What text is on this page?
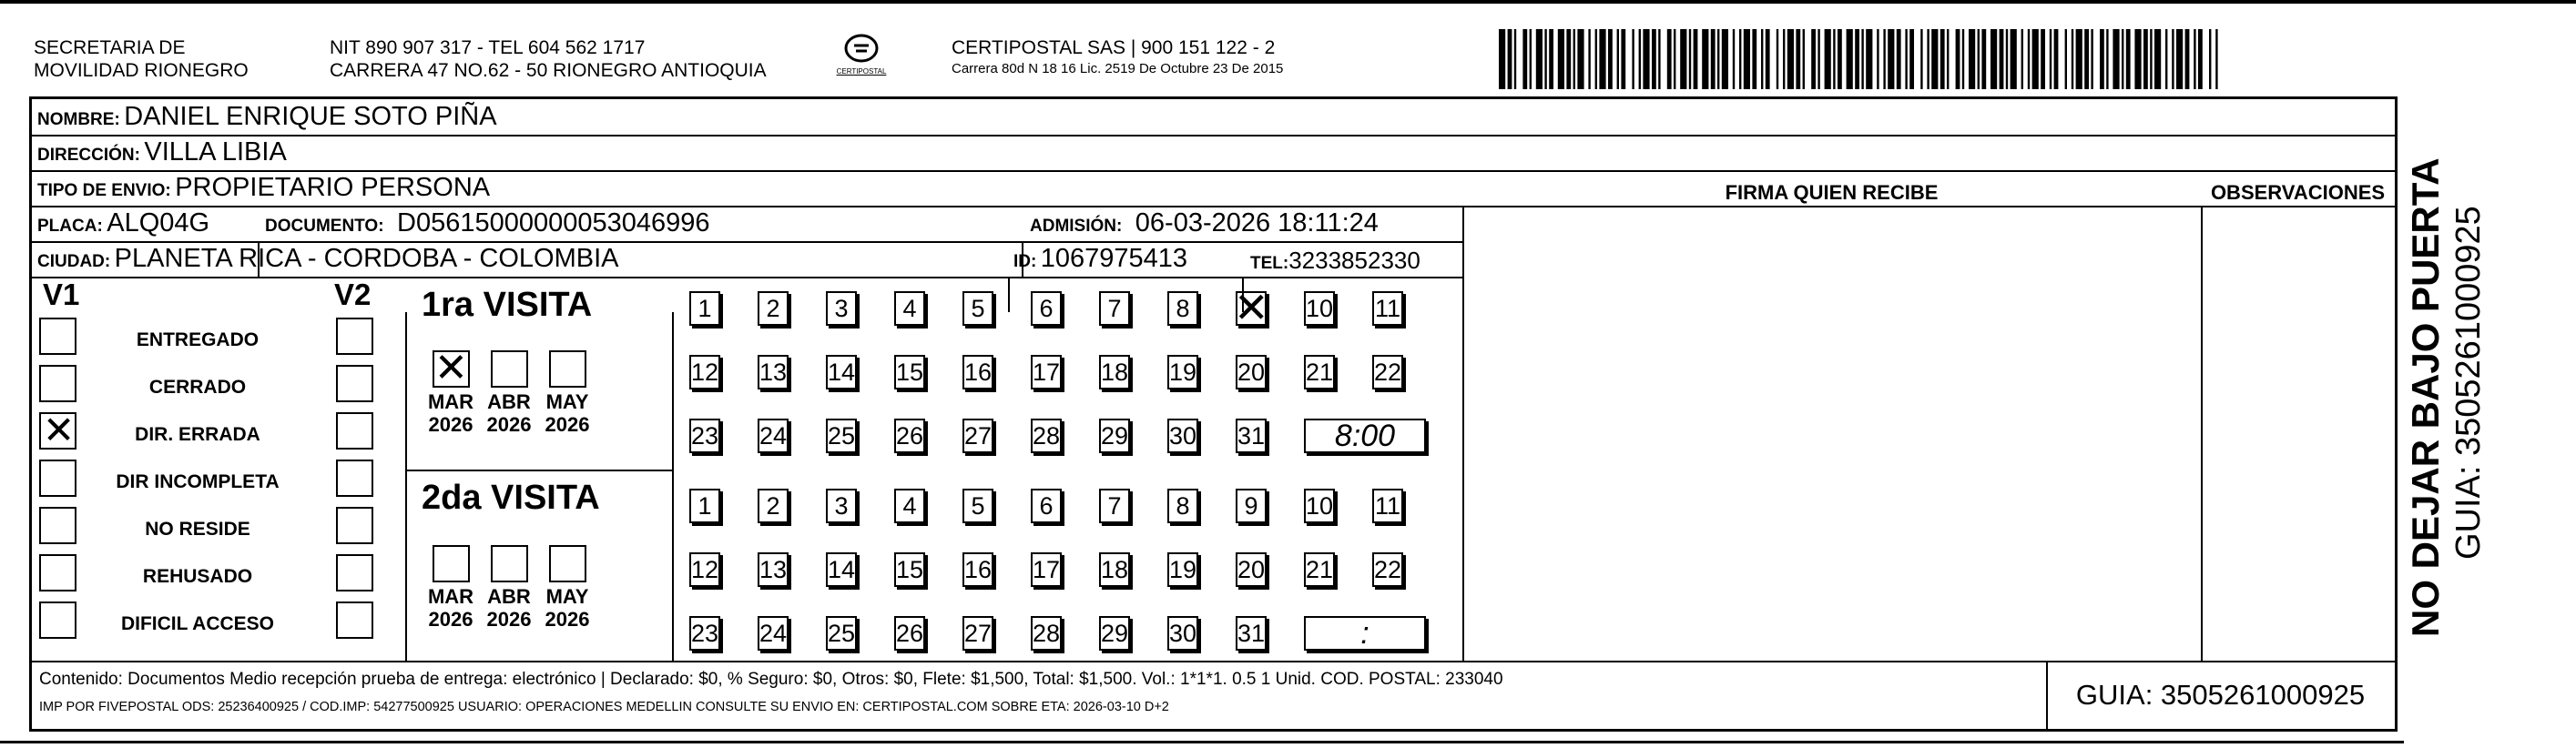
SECRETARIA DE
MOVILIDAD RIONEGRO
NIT 890 907 317 - TEL 604 562 1717
CARRERA 47 NO.62 - 50 RIONEGRO ANTIOQUIA	CERTIPOSTAL
CERTIPOSTAL SAS | 900 151 122 - 2
Carrera 80d N 18 16 Lic. 2519 De Octubre 23 De 2015
NO DEJAR BAJO PUERTA GUIA: 3505261000925
NOMBRE: DANIEL ENRIQUE SOTO PIÑA
DIRECCIÓN: VILLA LIBIA
TIPO DE ENVIO: PROPIETARIO PERSONA	FIRMA QUIEN RECIBE	OBSERVACIONES
PLACA: ALQ04G	DOCUMENTO: D05615000000053046996	ADMISIÓN: 06-03-2026 18:11:24
CIUDAD: PLANETA RICA - CORDOBA - COLOMBIA	ID: 1067975413	TEL:3233852330
V1	V2
ENTREGADO
CERRADO
✕	DIR. ERRADA
DIR INCOMPLETA
NO RESIDE
REHUSADO
DIFICIL ACCESO
1ra VISITA
✕
MAR
2026
ABR
2026
MAY
2026
1	2	3	4	5	6	7	8 ✕ 10 11
12 13 14 15 16 17 18 19 20 21 22
23 24 25 26 27 28 29 30 31	8:00
2da VISITA
MAR
2026
ABR
2026
MAY
2026
1	2	3	4	5	6	7	8	9	10 11
12 13 14 15 16 17 18 19 20 21 22
23 24 25 26 27 28 29 30 31	:
Contenido: Documentos Medio recepción prueba de entrega: electrónico | Declarado: $0, % Seguro: $0, Otros: $0, Flete: $1,500, Total: $1,500. Vol.: 1*1*1. 0.5 1 Unid. COD. POSTAL: 233040
IMP POR FIVEPOSTAL ODS: 25236400925 / COD.IMP: 54277500925 USUARIO: OPERACIONES MEDELLIN CONSULTE SU ENVIO EN: CERTIPOSTAL.COM SOBRE ETA: 2026-03-10 D+2	GUIA: 3505261000925
